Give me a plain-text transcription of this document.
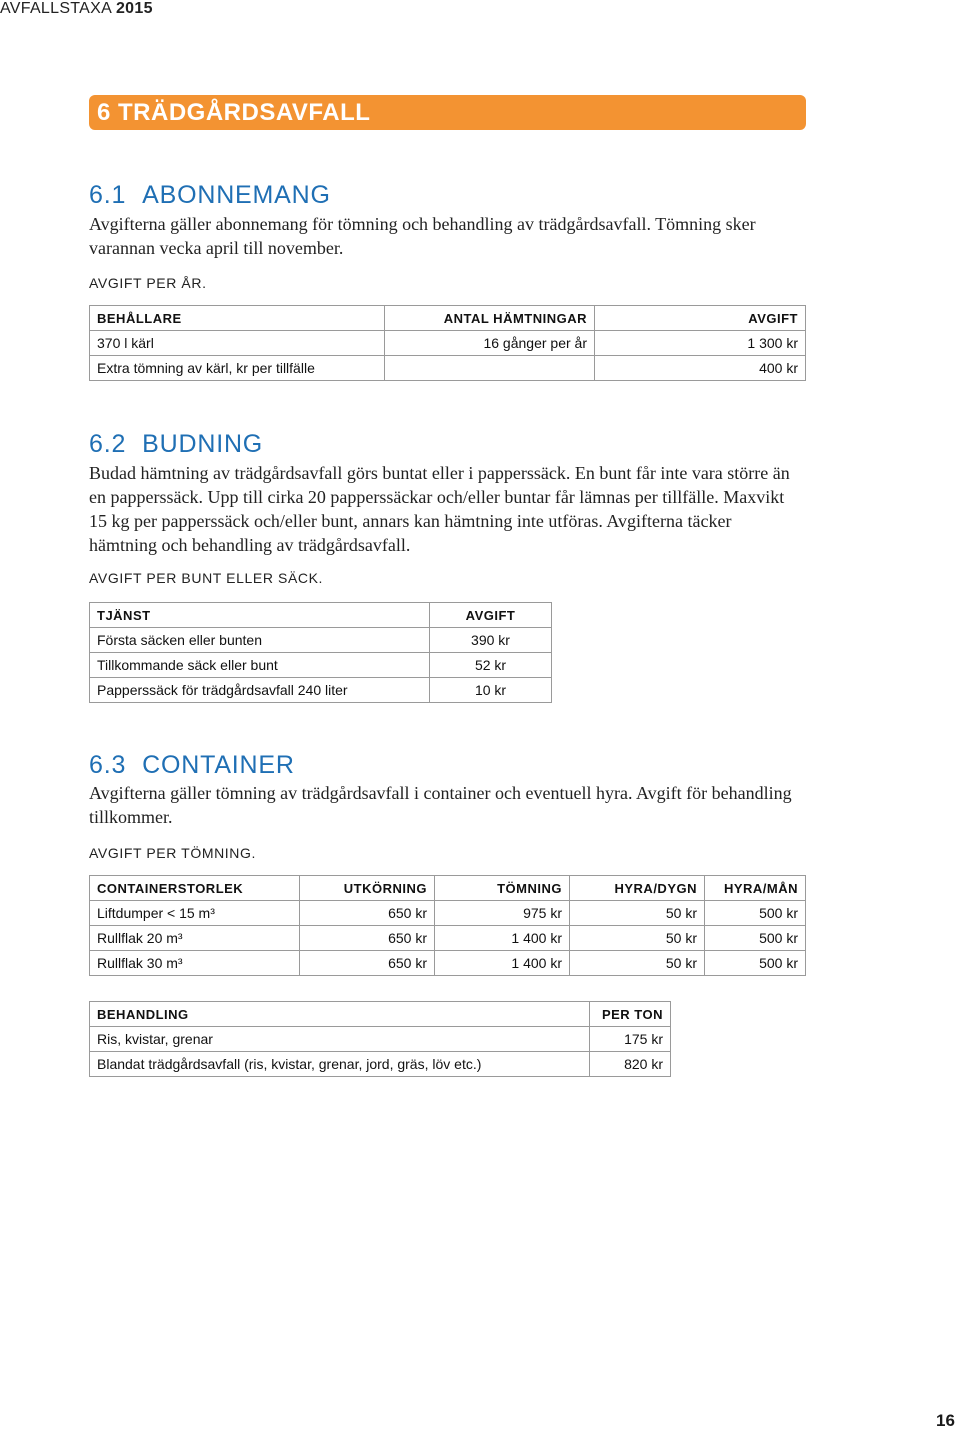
AVFALLSTAXA 2015
6 TRÄDGÅRDSAVFALL
6.1 ABONNEMANG
Avgifterna gäller abonnemang för tömning och behandling av trädgårdsavfall. Tömning sker varannan vecka april till november.
AVGIFT PER ÅR.
BEHÅLLARE	ANTAL HÄMTNINGAR	AVGIFT
370 l kärl	16 gånger per år	1 300 kr
Extra tömning av kärl, kr per tillfälle		400 kr
6.2 BUDNING
Budad hämtning av trädgårdsavfall görs buntat eller i papperssäck. En bunt får inte vara större än en papperssäck. Upp till cirka 20 papperssäckar och/eller buntar får lämnas per tillfälle. Maxvikt 15 kg per papperssäck och/eller bunt, annars kan hämtning inte utföras. Avgifterna täcker hämtning och behandling av trädgårdsavfall.
AVGIFT PER BUNT ELLER SÄCK.
TJÄNST	AVGIFT
Första säcken eller bunten	390 kr
Tillkommande säck eller bunt	52 kr
Papperssäck för trädgårdsavfall 240 liter	10 kr
6.3 CONTAINER
Avgifterna gäller tömning av trädgårdsavfall i container och eventuell hyra. Avgift för behandling tillkommer.
AVGIFT PER TÖMNING.
CONTAINERSTORLEK	UTKÖRNING	TÖMNING	HYRA/DYGN	HYRA/MÅN
Liftdumper < 15 m³	650 kr	975 kr	50 kr	500 kr
Rullflak 20 m³	650 kr	1 400 kr	50 kr	500 kr
Rullflak 30 m³	650 kr	1 400 kr	50 kr	500 kr
BEHANDLING	PER TON
Ris, kvistar, grenar	175 kr
Blandat trädgårdsavfall (ris, kvistar, grenar, jord, gräs, löv etc.)	820 kr
16
